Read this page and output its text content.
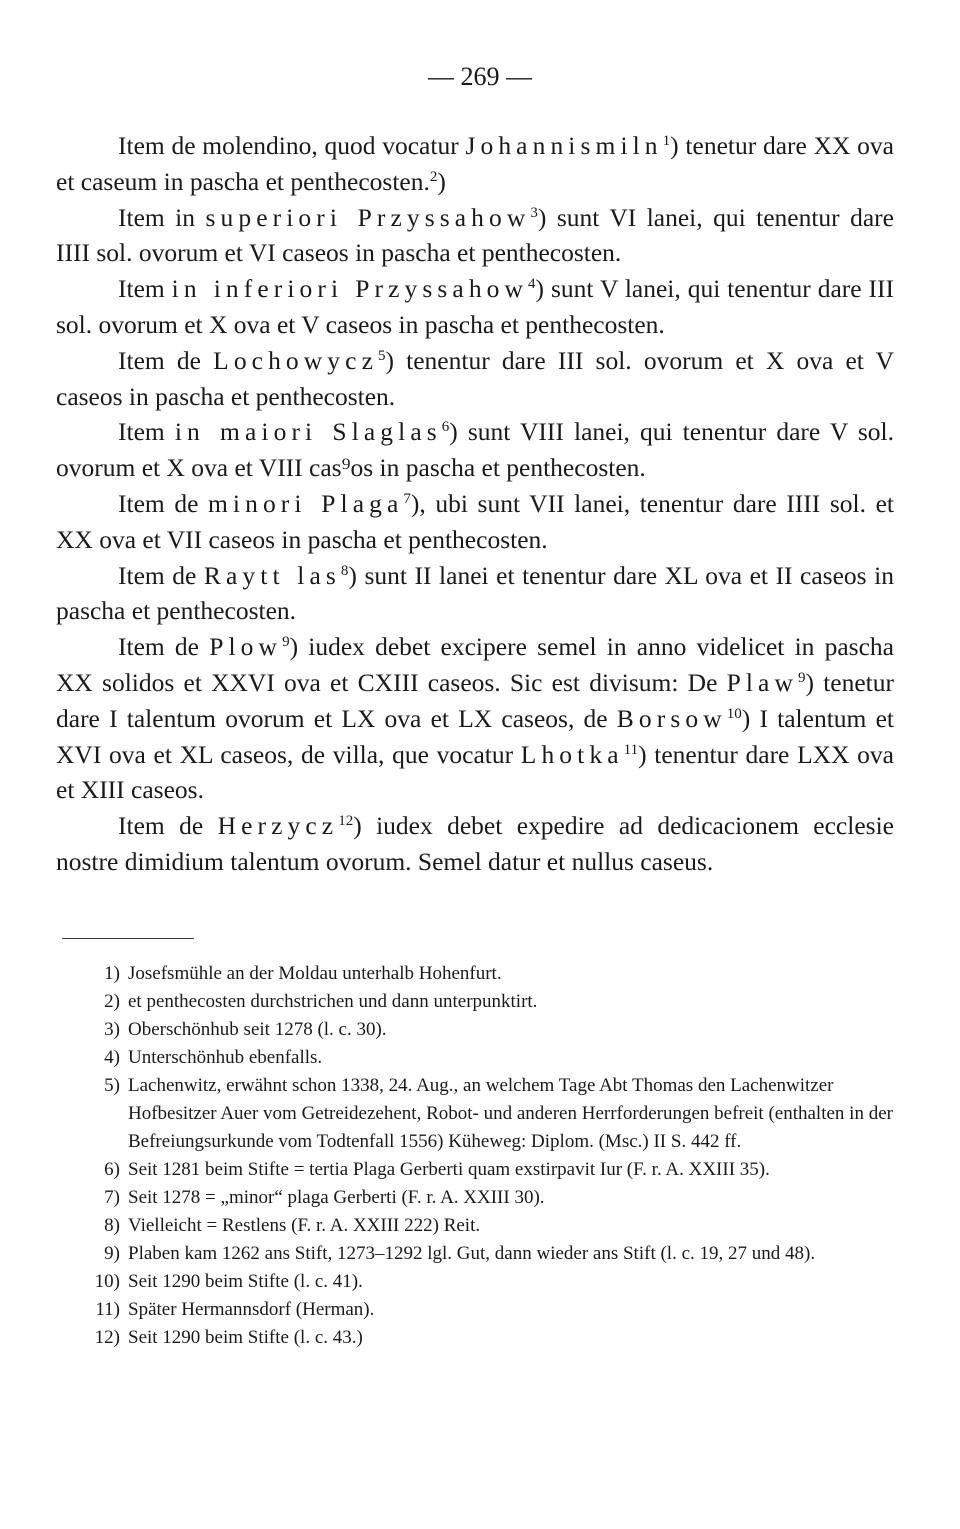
— 269 —

Item de molendino, quod vocatur Johannismiln$^1$) tenetur dare XX ova et caseum in pascha et penthecosten.$^2$)

Item in superiori Przyssahow$^3$) sunt VI lanei, qui tenentur dare IIII sol. ovorum et VI caseos in pascha et penthecosten.

Item in inferiori Przyssahow$^4$) sunt V lanei, qui tenentur dare III sol. ovorum et X ova et V caseos in pascha et penthecosten.

Item de Lochowycz$^5$) tenentur dare III sol. ovorum et X ova et V caseos in pascha et penthecosten.

Item in maiori Slaglas$^6$) sunt VIII lanei, qui tenentur dare V sol. ovorum et X ova et VIII cas⁹os in pascha et penthecosten.

Item de minori Plaga$^7$), ubi sunt VII lanei, tenentur dare IIII sol. et XX ova et VII caseos in pascha et penthecosten.

Item de Raytt las$^8$) sunt II lanei et tenentur dare XL ova et II caseos in pascha et penthecosten.

Item de Plow$^9$) iudex debet excipere semel in anno videlicet in pascha XX solidos et XXVI ova et CXIII caseos. Sic est divisum: De Plaw$^9$) tenetur dare I talentum ovorum et LX ova et LX caseos, de Borsow$^{10}$) I talentum et XVI ova et XL caseos, de villa, que vocatur Lhotka$^{11}$) tenentur dare LXX ova et XIII caseos.

Item de Herzycz$^{12}$) iudex debet expedire ad dedicacionem ecclesie nostre dimidium talentum ovorum. Semel datur et nullus caseus.

1) Josefsmühle an der Moldau unterhalb Hohenfurt.
2) et penthecosten durchstrichen und dann unterpunktirt.
3) Oberschönhub seit 1278 (l. c. 30).
4) Unterschönhub ebenfalls.
5) Lachenwitz, erwähnt schon 1338, 24. Aug., an welchem Tage Abt Thomas den Lachenwitzer Hofbesitzer Auer vom Getreidezehent, Robot- und anderen Herrforderungen befreit (enthalten in der Befreiungsurkunde vom Todtenfall 1556) Küheweg: Diplom. (Msc.) II S. 442 ff.
6) Seit 1281 beim Stifte = tertia Plaga Gerberti quam exstirpavit Iur (F. r. A. XXIII 35).
7) Seit 1278 = „minor“ plaga Gerberti (F. r. A. XXIII 30).
8) Vielleicht = Restlens (F. r. A. XXIII 222) Reit.
9) Plaben kam 1262 ans Stift, 1273–1292 lgl. Gut, dann wieder ans Stift (l. c. 19, 27 und 48).
10) Seit 1290 beim Stifte (l. c. 41).
11) Später Hermannsdorf (Herman).
12) Seit 1290 beim Stifte (l. c. 43.)
